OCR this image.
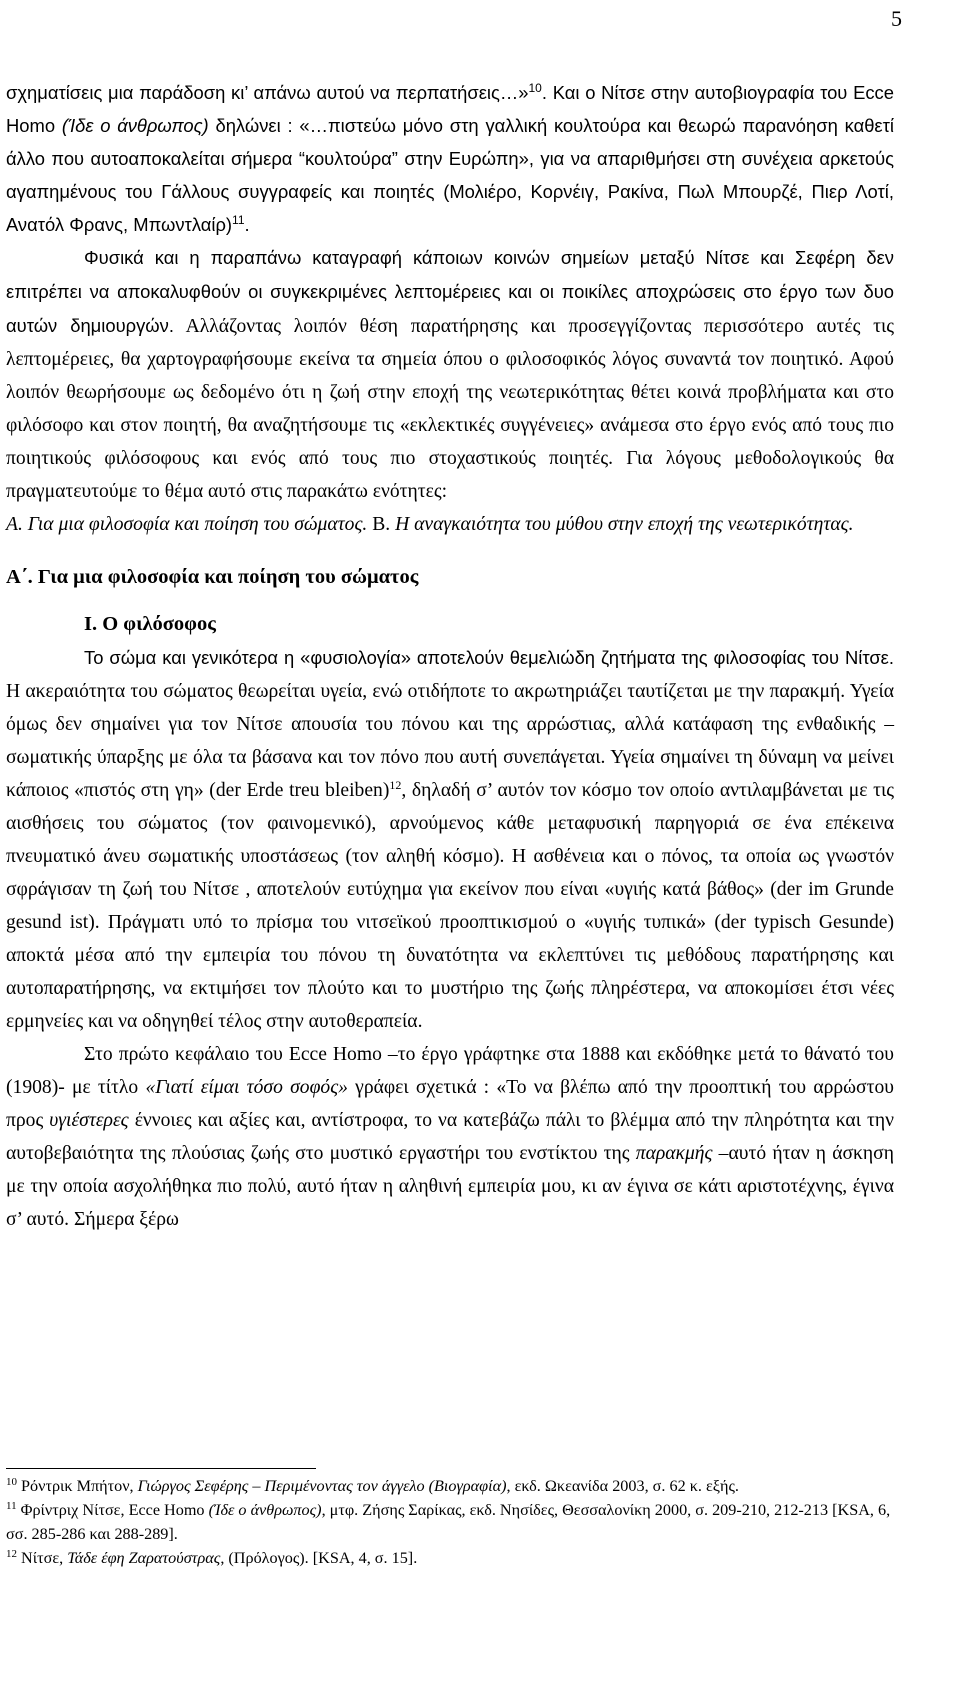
5

σχηματίσεις μια παράδοση κι’ απάνω αυτού να περπατήσεις…»$^{10}$. Και ο Νίτσε στην αυτοβιογραφία του Ecce Homo (Ίδε ο άνθρωπος) δηλώνει : «…πιστεύω μόνο στη γαλλική κουλτούρα και θεωρώ παρανόηση καθετί άλλο που αυτοαποκαλείται σήμερα “κουλτούρα” στην Ευρώπη», για να απαριθμήσει στη συνέχεια αρκετούς αγαπημένους του Γάλλους συγγραφείς και ποιητές (Μολιέρο, Κορνέιγ, Ρακίνα, Πωλ Μπουρζέ, Πιερ Λοτί, Ανατόλ Φρανς, Μπωντλαίρ)$^{11}$.

Φυσικά και η παραπάνω καταγραφή κάποιων κοινών σημείων μεταξύ Νίτσε και Σεφέρη δεν επιτρέπει να αποκαλυφθούν οι συγκεκριμένες λεπτομέρειες και οι ποικίλες αποχρώσεις στο έργο των δυο αυτών δημιουργών. Αλλάζοντας λοιπόν θέση παρατήρησης και προσεγγίζοντας περισσότερο αυτές τις λεπτομέρειες, θα χαρτογραφήσουμε εκείνα τα σημεία όπου ο φιλοσοφικός λόγος συναντά τον ποιητικό. Αφού λοιπόν θεωρήσουμε ως δεδομένο ότι η ζωή στην εποχή της νεωτερικότητας θέτει κοινά προβλήματα και στο φιλόσοφο και στον ποιητή, θα αναζητήσουμε τις «εκλεκτικές συγγένειες» ανάμεσα στο έργο ενός από τους πιο ποιητικούς φιλόσοφους και ενός από τους πιο στοχαστικούς ποιητές. Για λόγους μεθοδολογικούς θα πραγματευτούμε το θέμα αυτό στις παρακάτω ενότητες:

Α. Για μια φιλοσοφία και ποίηση του σώματος. Β. Η αναγκαιότητα του μύθου στην εποχή της νεωτερικότητας.

Α΄. Για μια φιλοσοφία και ποίηση του σώματος

Ι. Ο φιλόσοφος

Το σώμα και γενικότερα η «φυσιολογία» αποτελούν θεμελιώδη ζητήματα της φιλοσοφίας του Νίτσε. Η ακεραιότητα του σώματος θεωρείται υγεία, ενώ οτιδήποτε το ακρωτηριάζει ταυτίζεται με την παρακμή. Υγεία όμως δεν σημαίνει για τον Νίτσε απουσία του πόνου και της αρρώστιας, αλλά κατάφαση της ενθαδικής – σωματικής ύπαρξης με όλα τα βάσανα και τον πόνο που αυτή συνεπάγεται. Υγεία σημαίνει τη δύναμη να μείνει κάποιος «πιστός στη γη» (der Erde treu bleiben)$^{12}$, δηλαδή σ’ αυτόν τον κόσμο τον οποίο αντιλαμβάνεται με τις αισθήσεις του σώματος (τον φαινομενικό), αρνούμενος κάθε μεταφυσική παρηγοριά σε ένα επέκεινα πνευματικό άνευ σωματικής υποστάσεως (τον αληθή κόσμο). Η ασθένεια και ο πόνος, τα οποία ως γνωστόν σφράγισαν τη ζωή του Νίτσε , αποτελούν ευτύχημα για εκείνον που είναι «υγιής κατά βάθος» (der im Grunde gesund ist). Πράγματι υπό το πρίσμα του νιτσεϊκού προοπτικισμού ο «υγιής τυπικά» (der typisch Gesunde) αποκτά μέσα από την εμπειρία του πόνου τη δυνατότητα να εκλεπτύνει τις μεθόδους παρατήρησης και αυτοπαρατήρησης, να εκτιμήσει τον πλούτο και το μυστήριο της ζωής πληρέστερα, να αποκομίσει έτσι νέες ερμηνείες και να οδηγηθεί τέλος στην αυτοθεραπεία.

Στο πρώτο κεφάλαιο του Ecce Homo –το έργο γράφτηκε στα 1888 και εκδόθηκε μετά το θάνατό του (1908)- με τίτλο «Γιατί είμαι τόσο σοφός» γράφει σχετικά : «Το να βλέπω από την προοπτική του αρρώστου προς υγιέστερες έννοιες και αξίες και, αντίστροφα, το να κατεβάζω πάλι το βλέμμα από την πληρότητα και την αυτοβεβαιότητα της πλούσιας ζωής στο μυστικό εργαστήρι του ενστίκτου της παρακμής –αυτό ήταν η άσκηση με την οποία ασχολήθηκα πιο πολύ, αυτό ήταν η αληθινή εμπειρία μου, κι αν έγινα σε κάτι αριστοτέχνης, έγινα σ’ αυτό. Σήμερα ξέρω

$^{10}$ Ρόντρικ Μπήτον, Γιώργος Σεφέρης – Περιμένοντας τον άγγελο (Βιογραφία), εκδ. Ωκεανίδα 2003, σ. 62 κ. εξής.

$^{11}$ Φρίντριχ Νίτσε, Ecce Homo (Ίδε ο άνθρωπος), μτφ. Ζήσης Σαρίκας, εκδ. Νησίδες, Θεσσαλονίκη 2000, σ. 209-210, 212-213 [KSA, 6, σσ. 285-286 και 288-289].

$^{12}$ Νίτσε, Τάδε έφη Ζαρατούστρας, (Πρόλογος). [KSA, 4, σ. 15].
